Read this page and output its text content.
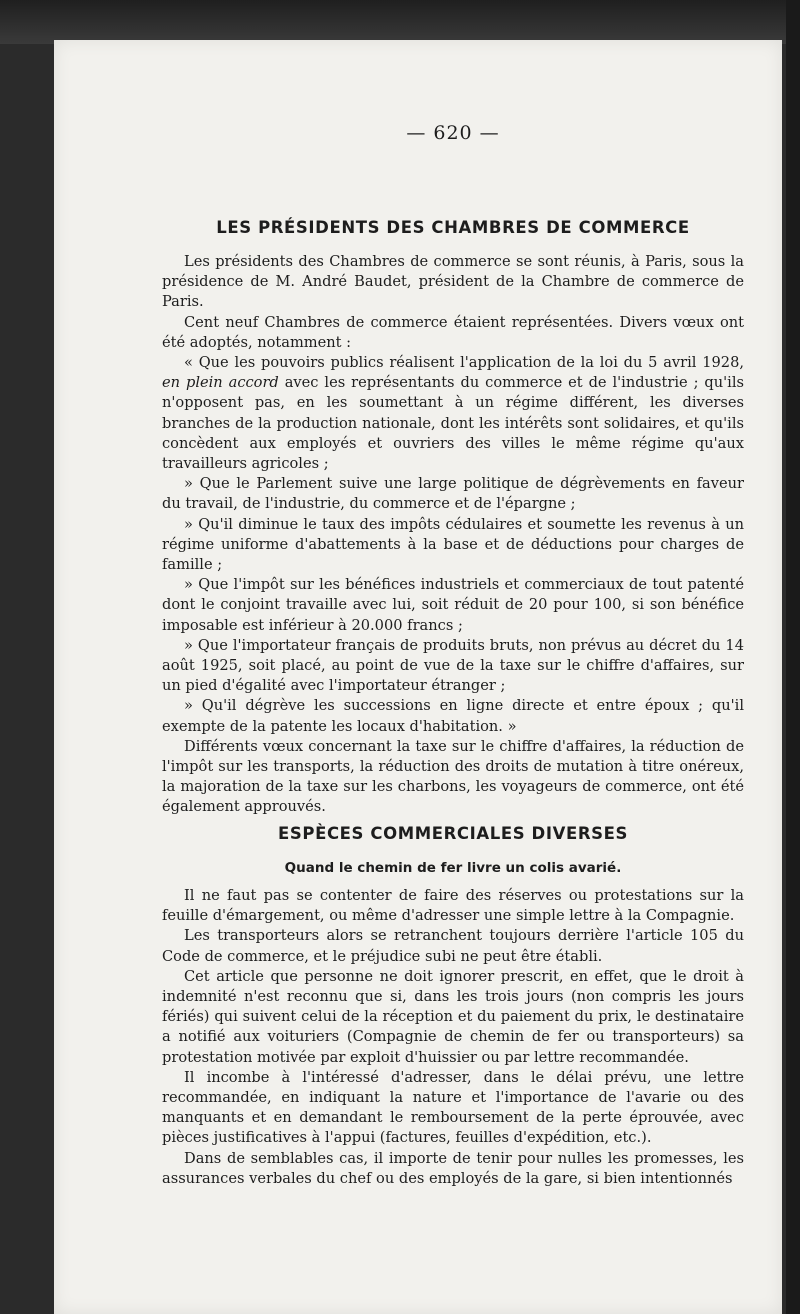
— 620 —
LES PRÉSIDENTS DES CHAMBRES DE COMMERCE

Les présidents des Chambres de commerce se sont réunis, à Paris, sous la présidence de M. André Baudet, président de la Chambre de commerce de Paris.

Cent neuf Chambres de commerce étaient représentées. Divers vœux ont été adoptés, notamment :

« Que les pouvoirs publics réalisent l'application de la loi du 5 avril 1928, en plein accord avec les représentants du commerce et de l'industrie ; qu'ils n'opposent pas, en les soumettant à un régime différent, les diverses branches de la production nationale, dont les intérêts sont solidaires, et qu'ils concèdent aux employés et ouvriers des villes le même régime qu'aux travailleurs agricoles ;

» Que le Parlement suive une large politique de dégrèvements en faveur du travail, de l'industrie, du commerce et de l'épargne ;

» Qu'il diminue le taux des impôts cédulaires et soumette les revenus à un régime uniforme d'abattements à la base et de déductions pour charges de famille ;

» Que l'impôt sur les bénéfices industriels et commerciaux de tout patenté dont le conjoint travaille avec lui, soit réduit de 20 pour 100, si son bénéfice imposable est inférieur à 20.000 francs ;

» Que l'importateur français de produits bruts, non prévus au décret du 14 août 1925, soit placé, au point de vue de la taxe sur le chiffre d'affaires, sur un pied d'égalité avec l'importateur étranger ;

» Qu'il dégrève les successions en ligne directe et entre époux ; qu'il exempte de la patente les locaux d'habitation. »

Différents vœux concernant la taxe sur le chiffre d'affaires, la réduction de l'impôt sur les transports, la réduction des droits de mutation à titre onéreux, la majoration de la taxe sur les charbons, les voyageurs de commerce, ont été également approuvés.

ESPÈCES COMMERCIALES DIVERSES
Quand le chemin de fer livre un colis avarié.

Il ne faut pas se contenter de faire des réserves ou protestations sur la feuille d'émargement, ou même d'adresser une simple lettre à la Compagnie.

Les transporteurs alors se retranchent toujours derrière l'article 105 du Code de commerce, et le préjudice subi ne peut être établi.

Cet article que personne ne doit ignorer prescrit, en effet, que le droit à indemnité n'est reconnu que si, dans les trois jours (non compris les jours fériés) qui suivent celui de la réception et du paiement du prix, le destinataire a notifié aux voituriers (Compagnie de chemin de fer ou transporteurs) sa protestation motivée par exploit d'huissier ou par lettre recommandée.

Il incombe à l'intéressé d'adresser, dans le délai prévu, une lettre recommandée, en indiquant la nature et l'importance de l'avarie ou des manquants et en demandant le remboursement de la perte éprouvée, avec pièces justificatives à l'appui (factures, feuilles d'expédition, etc.).

Dans de semblables cas, il importe de tenir pour nulles les promesses, les assurances verbales du chef ou des employés de la gare, si bien intentionnés
